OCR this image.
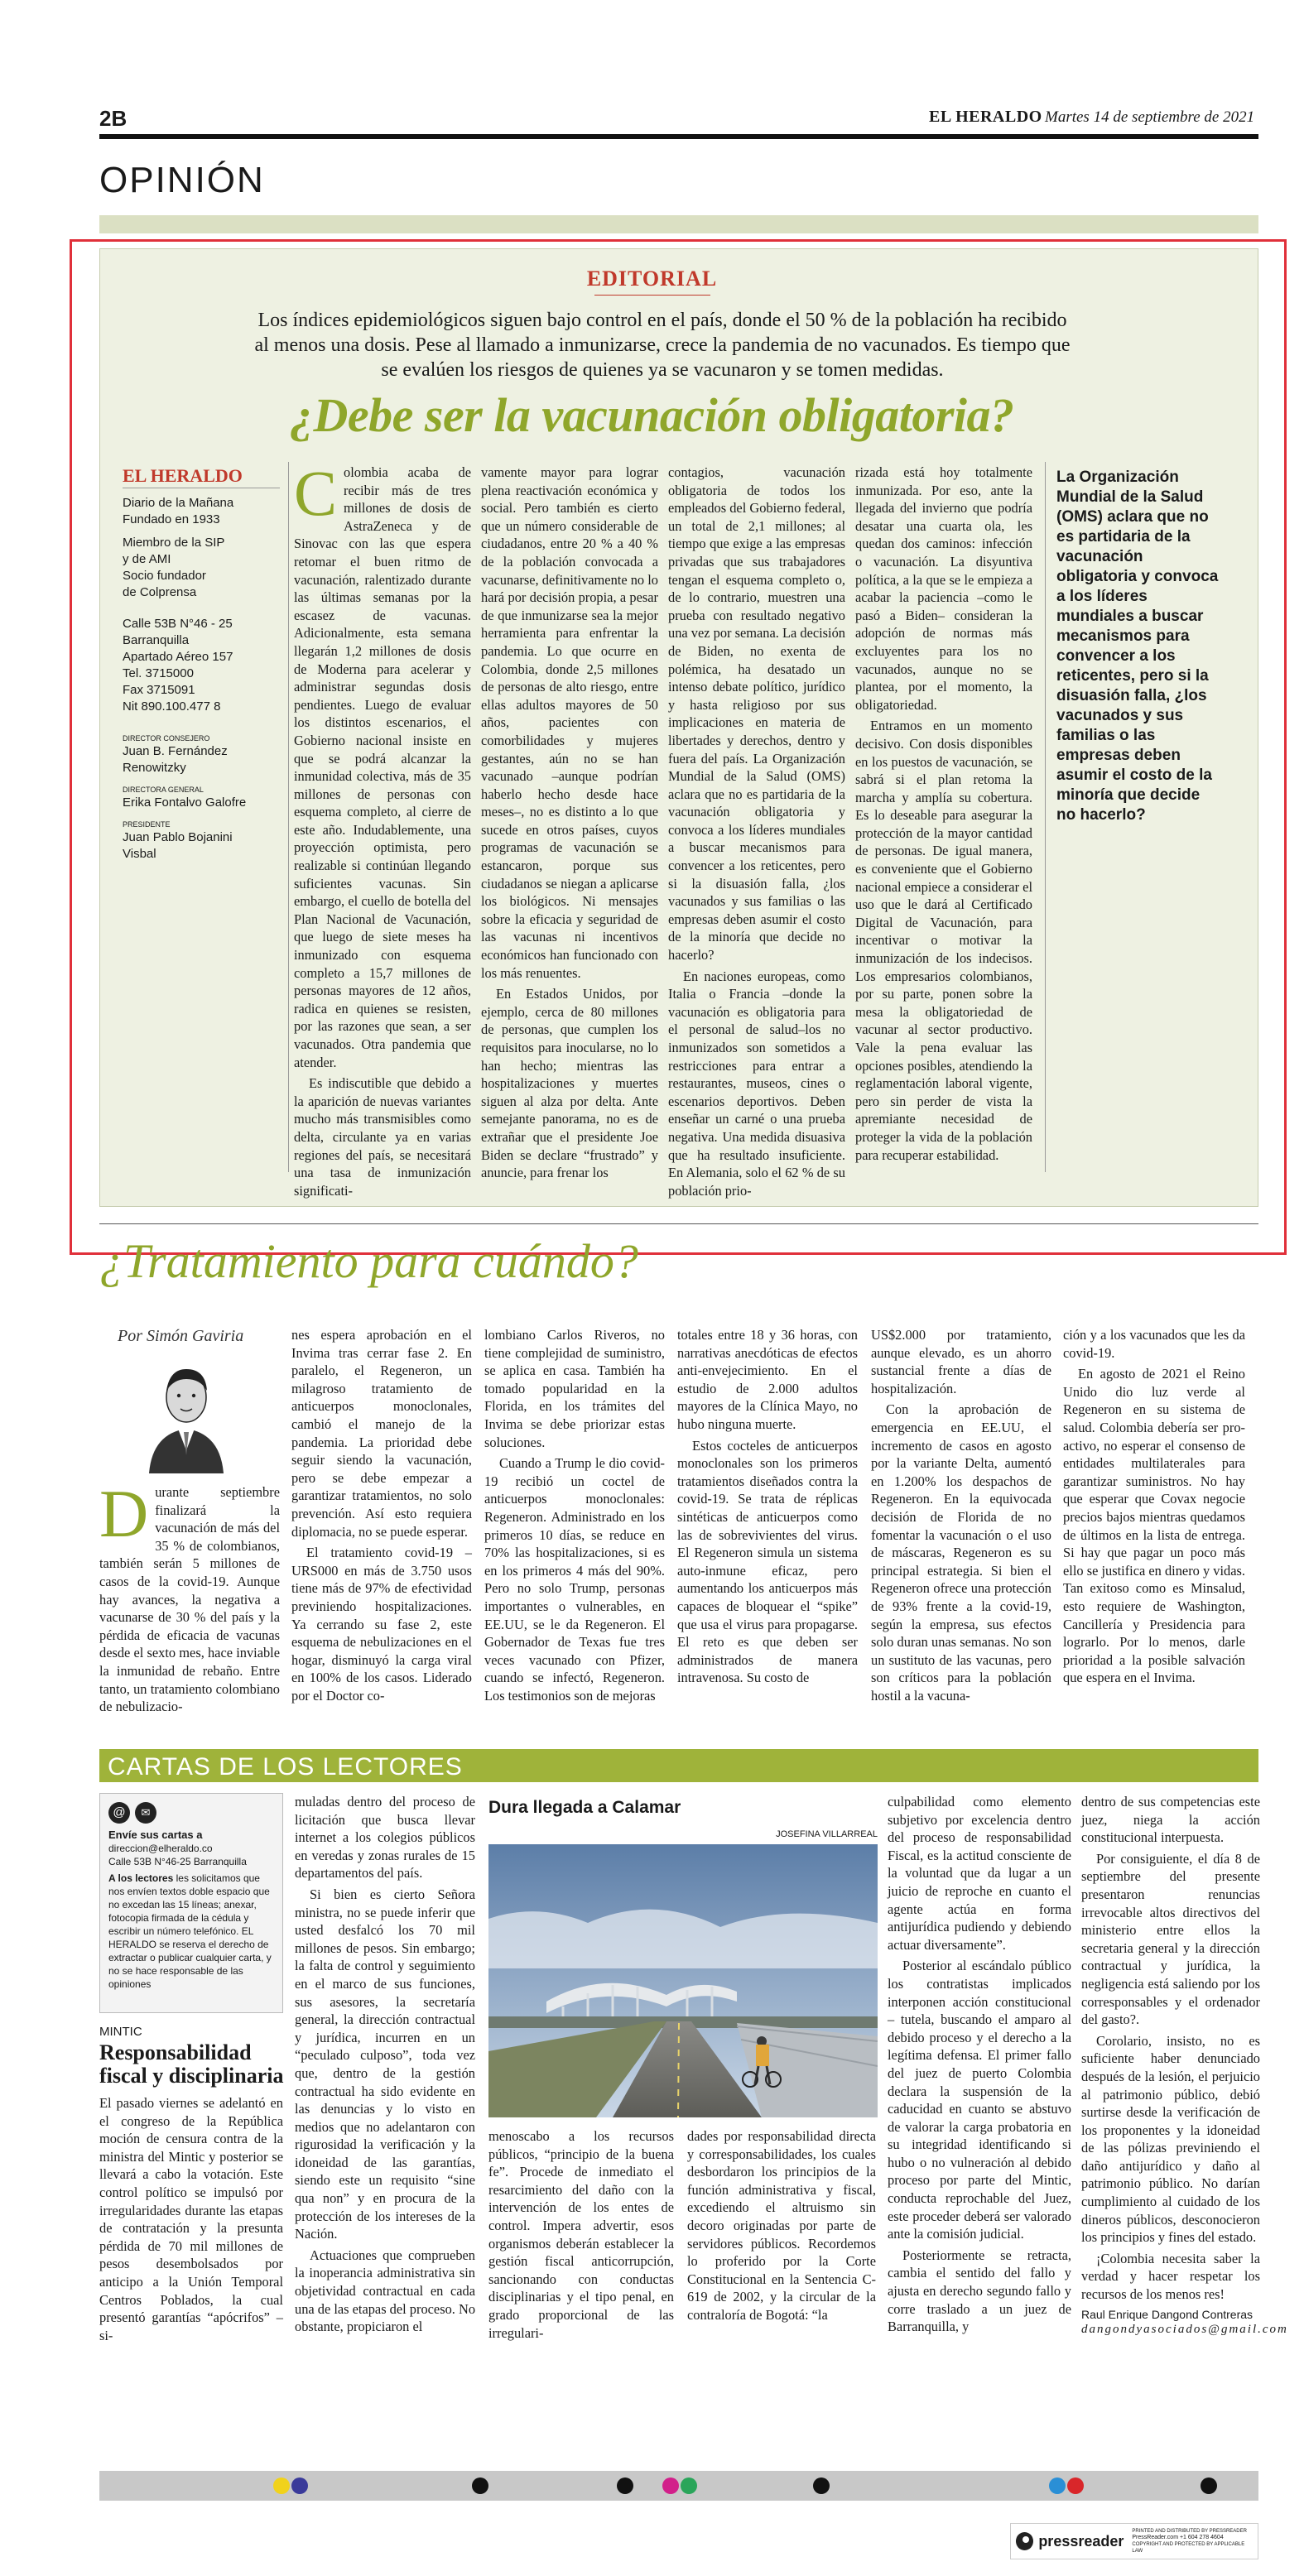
2B	EL HERALDO Martes 14 de septiembre de 2021
OPINIÓN
EDITORIAL
Los índices epidemiológicos siguen bajo control en el país, donde el 50 % de la población ha recibido al menos una dosis. Pese al llamado a inmunizarse, crece la pandemia de no vacunados. Es tiempo que se evalúen los riesgos de quienes ya se vacunaron y se tomen medidas.
¿Debe ser la vacunación obligatoria?
EL HERALDO
Diario de la Mañana
Fundado en 1933
Miembro de la SIP
y de AMI
Socio fundador
de Colprensa
Calle 53B N°46 - 25
Barranquilla
Apartado Aéreo 157
Tel. 3715000
Fax 3715091
Nit 890.100.477 8
DIRECTOR CONSEJERO
Juan B. Fernández
Renowitzky
DIRECTORA GENERAL
Erika Fontalvo Galofre
PRESIDENTE
Juan Pablo Bojanini
Visbal

Colombia acaba de recibir más de tres millones de dosis de AstraZeneca y de Sinovac con las que espera retomar el buen ritmo de vacunación, ralentizado durante las últimas semanas por la escasez de vacunas. Adicionalmente, esta semana llegarán 1,2 millones de dosis de Moderna para acelerar y administrar segundas dosis pendientes. Luego de evaluar los distintos escenarios, el Gobierno nacional insiste en que se podrá alcanzar la inmunidad colectiva, más de 35 millones de personas con esquema completo, al cierre de este año. Indudablemente, una proyección optimista, pero realizable si continúan llegando suficientes vacunas. Sin embargo, el cuello de botella del Plan Nacional de Vacunación, que luego de siete meses ha inmunizado con esquema completo a 15,7 millones de personas mayores de 12 años, radica en quienes se resisten, por las razones que sean, a ser vacunados. Otra pandemia que atender.

Es indiscutible que debido a la aparición de nuevas variantes mucho más transmisibles como delta, circulante ya en varias regiones del país, se necesitará una tasa de inmunización significati-

vamente mayor para lograr plena reactivación económica y social. Pero también es cierto que un número considerable de ciudadanos, entre 20 % a 40 % de la población convocada a vacunarse, definitivamente no lo hará por decisión propia, a pesar de que inmunizarse sea la mejor herramienta para enfrentar la pandemia. Lo que ocurre en Colombia, donde 2,5 millones de personas de alto riesgo, entre ellas adultos mayores de 50 años, pacientes con comorbilidades y mujeres gestantes, aún no se han vacunado –aunque podrían haberlo hecho desde hace meses–, no es distinto a lo que sucede en otros países, cuyos programas de vacunación se estancaron, porque sus ciudadanos se niegan a aplicarse los biológicos. Ni mensajes sobre la eficacia y seguridad de las vacunas ni incentivos económicos han funcionado con los más renuentes.

En Estados Unidos, por ejemplo, cerca de 80 millones de personas, que cumplen los requisitos para inocularse, no lo han hecho; mientras las hospitalizaciones y muertes siguen al alza por delta. Ante semejante panorama, no es de extrañar que el presidente Joe Biden se declare “frustrado” y anuncie, para frenar los

contagios, vacunación obligatoria de todos los empleados del Gobierno federal, un total de 2,1 millones; al tiempo que exige a las empresas privadas que sus trabajadores tengan el esquema completo o, de lo contrario, muestren una prueba con resultado negativo una vez por semana. La decisión de Biden, no exenta de polémica, ha desatado un intenso debate político, jurídico y hasta religioso por sus implicaciones en materia de libertades y derechos, dentro y fuera del país. La Organización Mundial de la Salud (OMS) aclara que no es partidaria de la vacunación obligatoria y convoca a los líderes mundiales a buscar mecanismos para convencer a los reticentes, pero si la disuasión falla, ¿los vacunados y sus familias o las empresas deben asumir el costo de la minoría que decide no hacerlo?

En naciones europeas, como Italia o Francia –donde la vacunación es obligatoria para el personal de salud–los no inmunizados son sometidos a restricciones para entrar a restaurantes, museos, cines o escenarios deportivos. Deben enseñar un carné o una prueba negativa. Una medida disuasiva que ha resultado insuficiente. En Alemania, solo el 62 % de su población prio-

rizada está hoy totalmente inmunizada. Por eso, ante la llegada del invierno que podría desatar una cuarta ola, les quedan dos caminos: infección o vacunación. La disyuntiva política, a la que se le empieza a acabar la paciencia –como le pasó a Biden– consideran la adopción de normas más excluyentes para los no vacunados, aunque no se plantea, por el momento, la obligatoriedad.

Entramos en un momento decisivo. Con dosis disponibles en los puestos de vacunación, se sabrá si el plan retoma la marcha y amplía su cobertura. Es lo deseable para asegurar la protección de la mayor cantidad de personas. De igual manera, es conveniente que el Gobierno nacional empiece a considerar el uso que le dará al Certificado Digital de Vacunación, para incentivar o motivar la inmunización de los indecisos. Los empresarios colombianos, por su parte, ponen sobre la mesa la obligatoriedad de vacunar al sector productivo. Vale la pena evaluar las opciones posibles, atendiendo la reglamentación laboral vigente, pero sin perder de vista la apremiante necesidad de proteger la vida de la población para recuperar estabilidad.

La Organización Mundial de la Salud (OMS) aclara que no es partidaria de la vacunación obligatoria y convoca a los líderes mundiales a buscar mecanismos para convencer a los reticentes, pero si la disuasión falla, ¿los vacunados y sus familias o las empresas deben asumir el costo de la minoría que decide no hacerlo?
¿Tratamiento para cuándo?
Por Simón Gaviria

Durante septiembre finalizará la vacunación de más del 35 % de colombianos, también serán 5 millones de casos de la covid-19. Aunque hay avances, la negativa a vacunarse de 30 % del país y la pérdida de eficacia de vacunas desde el sexto mes, hace inviable la inmunidad de rebaño. Entre tanto, un tratamiento colombiano de nebulizacio-

nes espera aprobación en el Invima tras cerrar fase 2. En paralelo, el Regeneron, un milagroso tratamiento de anticuerpos monoclonales, cambió el manejo de la pandemia. La prioridad debe seguir siendo la vacunación, pero se debe empezar a garantizar tratamientos, no solo prevención. Así esto requiera diplomacia, no se puede esperar.

El tratamiento covid-19 – URS000 en más de 3.750 usos tiene más de 97% de efectividad previniendo hospitalizaciones. Ya cerrando su fase 2, este esquema de nebulizaciones en el hogar, disminuyó la carga viral en 100% de los casos. Liderado por el Doctor co-

lombiano Carlos Riveros, no tiene complejidad de suministro, se aplica en casa. También ha tomado popularidad en la Florida, en los trámites del Invima se debe priorizar estas soluciones.

Cuando a Trump le dio covid-19 recibió un coctel de anticuerpos monoclonales: Regeneron. Administrado en los primeros 10 días, se reduce en 70% las hospitalizaciones, si es en los primeros 4 más del 90%. Pero no solo Trump, personas importantes o vulnerables, en EE.UU, se le da Regeneron. El Gobernador de Texas fue tres veces vacunado con Pfizer, cuando se infectó, Regeneron. Los testimonios son de mejoras

totales entre 18 y 36 horas, con narrativas anecdóticas de efectos anti-envejecimiento. En el estudio de 2.000 adultos mayores de la Clínica Mayo, no hubo ninguna muerte.

Estos cocteles de anticuerpos monoclonales son los primeros tratamientos diseñados contra la covid-19. Se trata de réplicas sintéticas de anticuerpos como las de sobrevivientes del virus. El Regeneron simula un sistema auto-inmune eficaz, pero aumentando los anticuerpos más capaces de bloquear el “spike” que usa el virus para propagarse. El reto es que deben ser administrados de manera intravenosa. Su costo de

US$2.000 por tratamiento, aunque elevado, es un ahorro sustancial frente a días de hospitalización.

Con la aprobación de emergencia en EE.UU, el incremento de casos en agosto por la variante Delta, aumentó en 1.200% los despachos de Regeneron. En la equivocada decisión de Florida de no fomentar la vacunación o el uso de máscaras, Regeneron es su principal estrategia. Si bien el Regeneron ofrece una protección de 93% frente a la covid-19, según la empresa, sus efectos solo duran unas semanas. No son un sustituto de las vacunas, pero son críticos para la población hostil a la vacuna-

ción y a los vacunados que les da covid-19.

En agosto de 2021 el Reino Unido dio luz verde al Regeneron en su sistema de salud. Colombia debería ser pro-activo, no esperar el consenso de entidades multilaterales para garantizar suministros. No hay que esperar que Covax negocie precios bajos mientras quedamos de últimos en la lista de entrega. Si hay que pagar un poco más ello se justifica en dinero y vidas. Tan exitoso como es Minsalud, esto requiere de Washington, Cancillería y Presidencia para lograrlo. Por lo menos, darle prioridad a la posible salvación que espera en el Invima.

CARTAS DE LOS LECTORES
@	✉
Envíe sus cartas a
direccion@elheraldo.co
Calle 53B N°46-25 Barranquilla
A los lectores les solicitamos que nos envíen textos doble espacio que no excedan las 15 líneas; anexar, fotocopia firmada de la cédula y escribir un número telefónico. EL HERALDO se reserva el derecho de extractar o publicar cualquier carta, y no se hace responsable de las opiniones
MINTIC
Responsabilidad fiscal y disciplinaria

El pasado viernes se adelantó en el congreso de la República moción de censura contra de la ministra del Mintic y posterior se llevará a cabo la votación. Este control político se impulsó por irregularidades durante las etapas de contratación y la presunta pérdida de 70 mil millones de pesos desembolsados por anticipo a la Unión Temporal Centros Poblados, la cual presentó garantías “apócrifos” – si-

muladas dentro del proceso de licitación que busca llevar internet a los colegios públicos en veredas y zonas rurales de 15 departamentos del país.

Si bien es cierto Señora ministra, no se puede inferir que usted desfalcó los 70 mil millones de pesos. Sin embargo; la falta de control y seguimiento en el marco de sus funciones, sus asesores, la secretaría general, la dirección contractual y jurídica, incurren en un “peculado culposo”, toda vez que, dentro de la gestión contractual ha sido evidente en las denuncias y lo visto en medios que no adelantaron con rigurosidad la verificación y la idoneidad de las garantías, siendo este un requisito “sine qua non” y en procura de la protección de los intereses de la Nación.

Actuaciones que comprueben la inoperancia administrativa sin objetividad contractual en cada una de las etapas del proceso. No obstante, propiciaron el

Dura llegada a Calamar
JOSEFINA VILLARREAL

menoscabo a los recursos públicos, “principio de la buena fe”. Procede de inmediato el resarcimiento del daño con la intervención de los entes de control. Impera advertir, esos organismos deberán establecer la gestión fiscal anticorrupción, sancionando con conductas disciplinarias y el tipo penal, en grado proporcional de las irregulari-

dades por responsabilidad directa y corresponsabilidades, los cuales desbordaron los principios de la función administrativa y fiscal, excediendo el altruismo sin decoro originadas por parte de servidores públicos. Recordemos lo proferido por la Corte Constitucional en la Sentencia C-619 de 2002, y la circular de la contraloría de Bogotá: “la

culpabilidad como elemento subjetivo por excelencia dentro del proceso de responsabilidad Fiscal, es la actitud consciente de la voluntad que da lugar a un juicio de reproche en cuanto el agente actúa en forma antijurídica pudiendo y debiendo actuar diversamente”.

Posterior al escándalo público los contratistas implicados interponen acción constitucional – tutela, buscando el amparo al debido proceso y el derecho a la legítima defensa. El primer fallo del juez de puerto Colombia declara la suspensión de la caducidad en cuanto se abstuvo de valorar la carga probatoria en su integridad identificando si hubo o no vulneración al debido proceso por parte del Mintic, conducta reprochable del Juez, este proceder deberá ser valorado ante la comisión judicial.

Posteriormente se retracta, cambia el sentido del fallo y ajusta en derecho segundo fallo y corre traslado a un juez de Barranquilla, y

dentro de sus competencias este juez, niega la acción constitucional interpuesta.

Por consiguiente, el día 8 de septiembre del presente presentaron renuncias irrevocable altos directivos del ministerio entre ellos la secretaria general y la dirección contractual y jurídica, la negligencia está saliendo por los corresponsables y el ordenador del gasto?.

Corolario, insisto, no es suficiente haber denunciado después de la lesión, el perjuicio al patrimonio público, debió surtirse desde la verificación de los proponentes y la idoneidad de las pólizas previniendo el daño antijurídico y daño al patrimonio público. No darían cumplimiento al cuidado de los dineros públicos, desconocieron los principios y fines del estado.

¡Colombia necesita saber la verdad y hacer respetar los recursos de los menos res!

Raul Enrique Dangond Contreras
dangondyasociados@gmail.com
pressreader
PRINTED AND DISTRIBUTED BY PRESSREADER
PressReader.com +1 604 278 4604
COPYRIGHT AND PROTECTED BY APPLICABLE LAW
